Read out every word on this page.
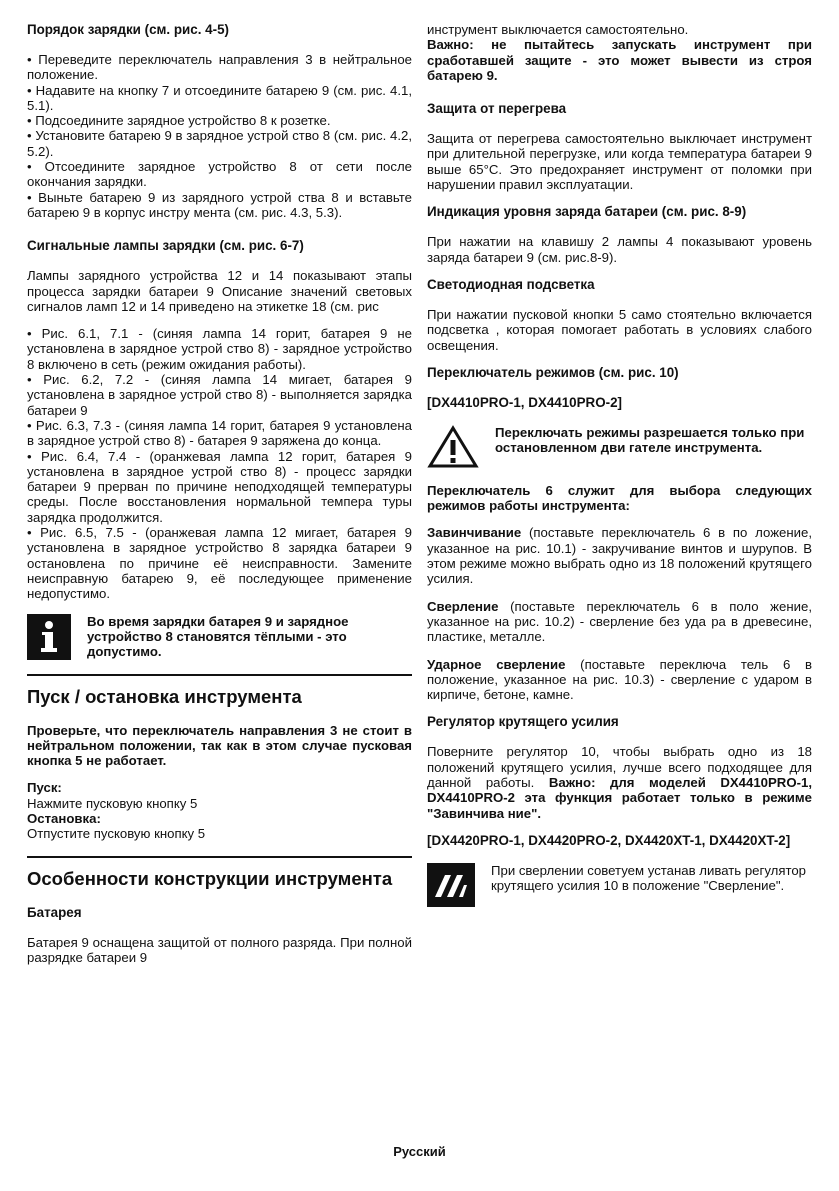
Порядок зарядки (см. рис. 4-5)
• Переведите переключатель направления 3 в нейтральное положение.
• Надавите на кнопку 7 и отсоедините батарею 9 (см. рис. 4.1, 5.1).
• Подсоедините зарядное устройство 8 к розетке.
• Установите батарею 9 в зарядное устрой ство 8 (см. рис. 4.2, 5.2).
• Отсоедините зарядное устройство 8 от сети после окончания зарядки.
• Выньте батарею 9 из зарядного устрой ства 8 и вставьте батарею 9 в корпус инстру мента (см. рис. 4.3, 5.3).
Сигнальные лампы зарядки (см. рис. 6-7)
Лампы зарядного устройства 12 и 14 показывают этапы процесса зарядки батареи 9 Описание значений световых сигналов ламп 12 и 14 приведено на этикетке 18 (см. рис
• Рис. 6.1, 7.1 - (синяя лампа 14 горит, батарея 9 не установлена в зарядное устрой ство 8) - зарядное устройство 8 включено в сеть (режим ожидания работы).
• Рис. 6.2, 7.2 - (синяя лампа 14 мигает, батарея 9 установлена в зарядное устрой ство 8) - выполняется зарядка батареи 9
• Рис. 6.3, 7.3 - (синяя лампа 14 горит, батарея 9 установлена в зарядное устрой ство 8) - батарея 9 заряжена до конца.
• Рис. 6.4, 7.4 - (оранжевая лампа 12 горит, батарея 9 установлена в зарядное устрой ство 8) - процесс зарядки батареи 9 прерван по причине неподходящей температуры среды. После восстановления нормальной темпера туры зарядка продолжится.
• Рис. 6.5, 7.5 - (оранжевая лампа 12 мигает, батарея 9 установлена в зарядное устройство 8 зарядка батареи 9 остановлена по причине её неисправности. Замените неисправную батарею 9, её последующее применение недопустимо.
Во время зарядки батарея 9 и зарядное устройство 8 становятся тёплыми - это допустимо.
Пуск / остановка инструмента
Проверьте, что переключатель направления 3 не стоит в нейтральном положении, так как в этом случае пусковая кнопка 5 не работает.
Пуск:
Нажмите пусковую кнопку 5
Остановка:
Отпустите пусковую кнопку 5
Особенности конструкции инструмента
Батарея
Батарея 9 оснащена защитой от полного разряда. При полной разрядке батареи 9
инструмент выключается самостоятельно.
Важно: не пытайтесь запускать инструмент при сработавшей защите - это может вывести из строя батарею 9.
Защита от перегрева
Защита от перегрева самостоятельно выключает инструмент при длительной перегрузке, или когда температура батареи 9 выше 65°C. Это предохраняет инструмент от поломки при нарушении правил эксплуатации.
Индикация уровня заряда батареи (см. рис. 8-9)
При нажатии на клавишу 2 лампы 4 показывают уровень заряда батареи 9 (см. рис.8-9).
Светодиодная подсветка
При нажатии пусковой кнопки 5 само стоятельно включается подсветка , которая помогает работать в условиях слабого освещения.
Переключатель режимов (см. рис. 10)
[DX4410PRO-1, DX4410PRO-2]
Переключать режимы разрешается только при остановленном дви гателе инструмента.
Переключатель 6 служит для выбора следующих режимов работы инструмента:
Завинчивание (поставьте переключатель 6 в по ложение, указанное на рис. 10.1) - закручивание винтов и шурупов. В этом режиме можно выбрать одно из 18 положений крутящего усилия.
Сверление (поставьте переключатель 6 в поло жение, указанное на рис. 10.2) - сверление без уда ра в древесине, пластике, металле.
Ударное сверление (поставьте переключа тель 6 в положение, указанное на рис. 10.3) - сверление с ударом в кирпиче, бетоне, камне.
Регулятор крутящего усилия
Поверните регулятор 10, чтобы выбрать одно из 18 положений крутящего усилия, лучше всего подходящее для данной работы. Важно: для моделей DX4410PRO-1, DX4410PRO-2 эта функция работает только в режиме "Завинчива ние".
[DX4420PRO-1, DX4420PRO-2, DX4420XT-1, DX4420XT-2]
При сверлении советуем устанав ливать регулятор крутящего усилия 10 в положение "Сверление".
Русский
